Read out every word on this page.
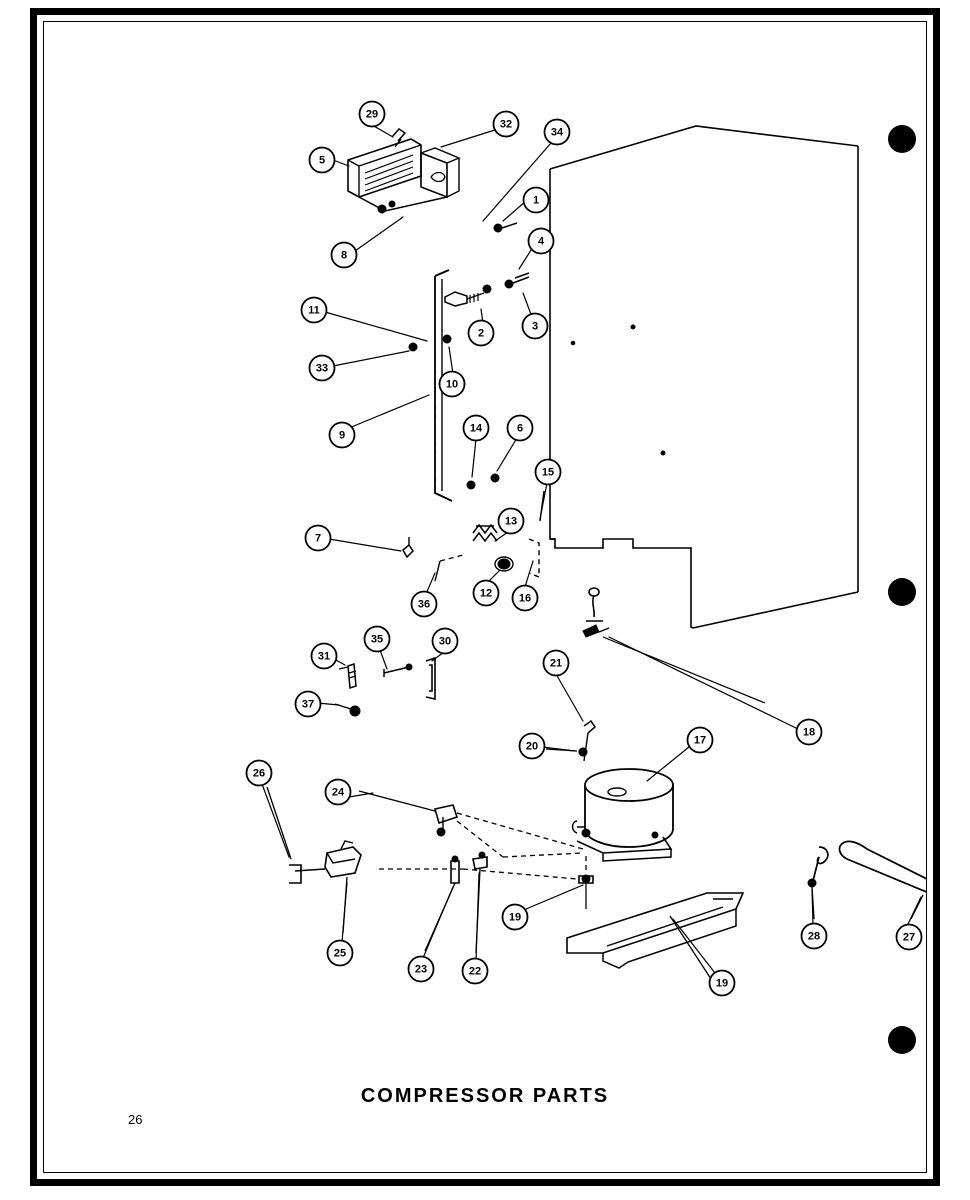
1
2
3
4
5
6
7
8
9
10
11
12
13
14
15
16
17
18
19
19
20
21
22
23
24
25
26
27
28
29
30
31
32
33
34
35
36
37
COMPRESSOR PARTS
26
